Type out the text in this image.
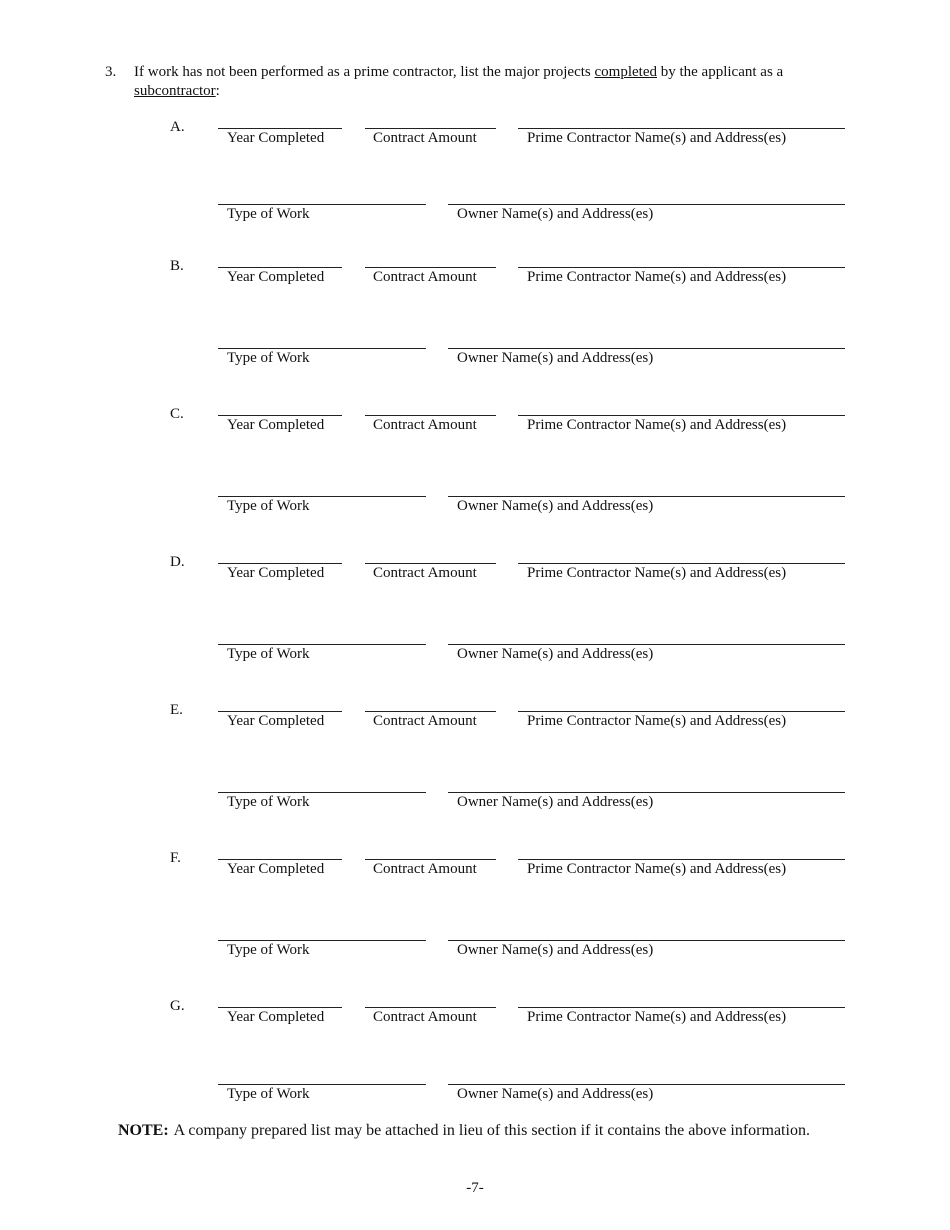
3. If work has not been performed as a prime contractor, list the major projects completed by the applicant as a subcontractor:
A.
Year Completed	Contract Amount	Prime Contractor Name(s) and Address(es)
Type of Work	Owner Name(s) and Address(es)
B.
Year Completed	Contract Amount	Prime Contractor Name(s) and Address(es)
Type of Work	Owner Name(s) and Address(es)
C.
Year Completed	Contract Amount	Prime Contractor Name(s) and Address(es)
Type of Work	Owner Name(s) and Address(es)
D.
Year Completed	Contract Amount	Prime Contractor Name(s) and Address(es)
Type of Work	Owner Name(s) and Address(es)
E.
Year Completed	Contract Amount	Prime Contractor Name(s) and Address(es)
Type of Work	Owner Name(s) and Address(es)
F.
Year Completed	Contract Amount	Prime Contractor Name(s) and Address(es)
Type of Work	Owner Name(s) and Address(es)
G.
Year Completed	Contract Amount	Prime Contractor Name(s) and Address(es)
Type of Work	Owner Name(s) and Address(es)
NOTE: A company prepared list may be attached in lieu of this section if it contains the above information.
-7-
